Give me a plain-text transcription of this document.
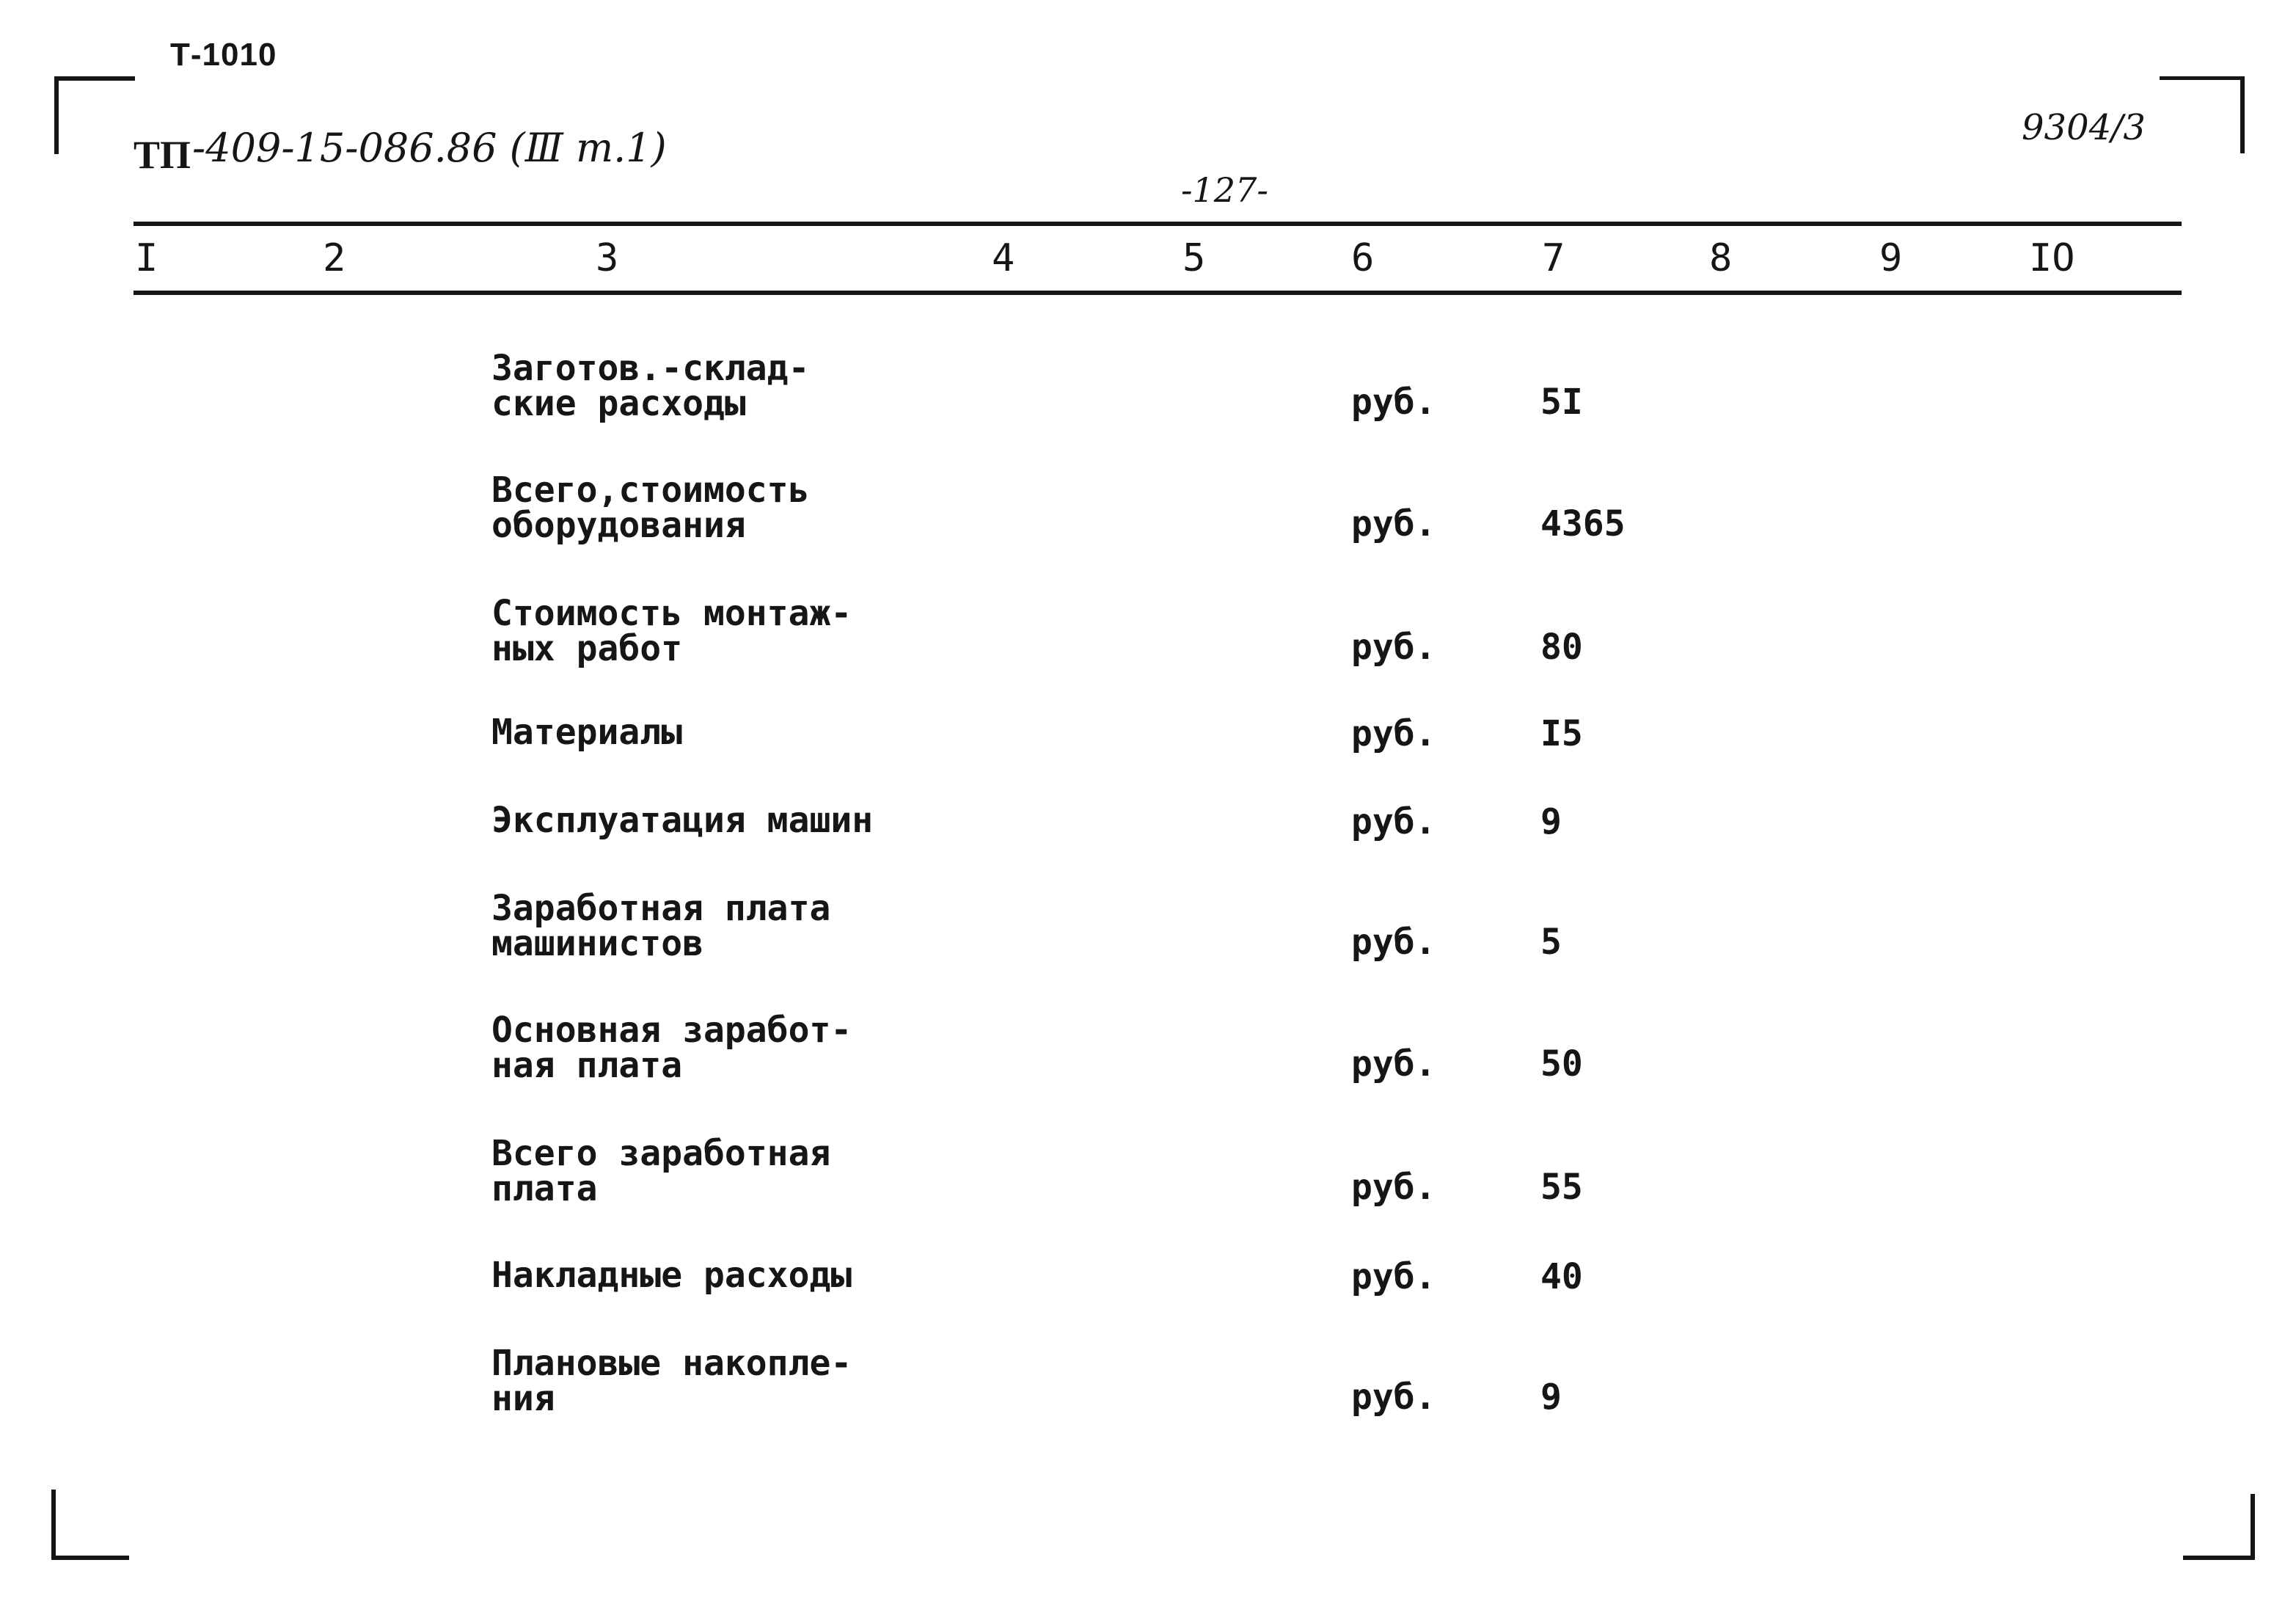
Т-1010
ТП -409-15-086.86 (Ⅲ т.1)
-127-
9304/3
I	2	3	4	5	6	7	8	9	IO
Заготов.-склад-
ские расходы	руб.	5I
Всего,стоимость
оборудования	руб.	4365
Стоимость монтаж-
ных работ	руб.	80
Материалы	руб.	I5
Эксплуатация машин	руб.	9
Заработная плата
машинистов	руб.	5
Основная заработ-
ная плата	руб.	50
Всего заработная
плата	руб.	55
Накладные расходы	руб.	40
Плановые накопле-
ния	руб.	9
